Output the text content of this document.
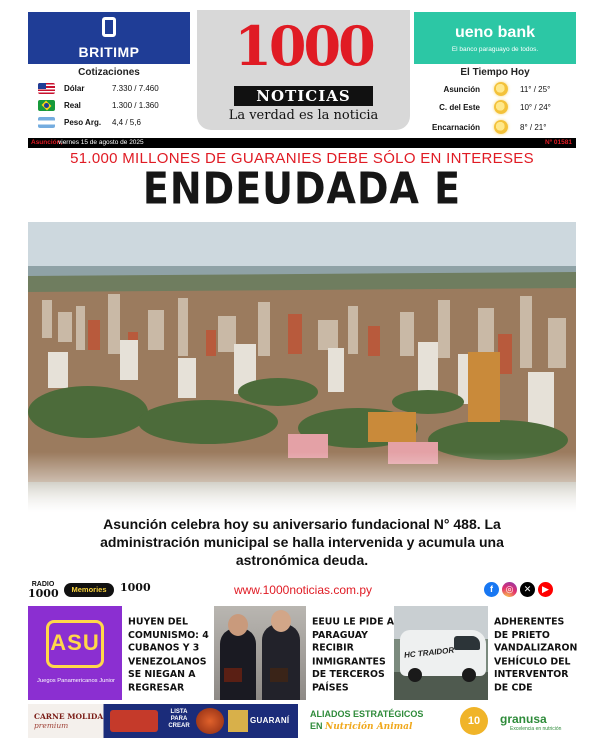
BRITIMP
Cotizaciones
Dólar	7.330 / 7.460
Real	1.300 / 1.360
Peso Arg. 4,4 / 5,6
1000
NOTICIAS
La verdad es la noticia
ueno bank
El banco paraguayo de todos.
El Tiempo Hoy
Asunción	11° / 25°
C. del Este	10° / 24°
Encarnación	8° / 21°
Asunción,
viernes 15 de agosto de 2025	Nº 01581
51.000 MILLONES DE GUARANIES DEBE SÓLO EN INTERESES
ENDEUDADA E
Asunción celebra hoy su aniversario fundacional N° 488. La administración municipal se halla intervenida y acumula una astronómica deuda.
RADIO
1000	Memories	1000	www.1000noticias.com.py	f	◎	✕	▶
ASU
Juegos Panamericanos Junior
HUYEN DEL COMUNISMO: 4 CUBANOS Y 3 VENEZOLANOS SE NIEGAN A REGRESAR
EEUU LE PIDE A PARAGUAY RECIBIR INMIGRANTES DE TERCEROS PAÍSES
HC TRAIDOR
ADHERENTES DE PRIETO VANDALIZARON VEHÍCULO DEL INTERVENTOR DE CDE
CARNE MOLIDA
premium
LISTA PARA CREAR
GUARANÍ
ALIADOS ESTRATÉGICOS
EN Nutrición Animal	10	granusa
Excelencia en nutrición
